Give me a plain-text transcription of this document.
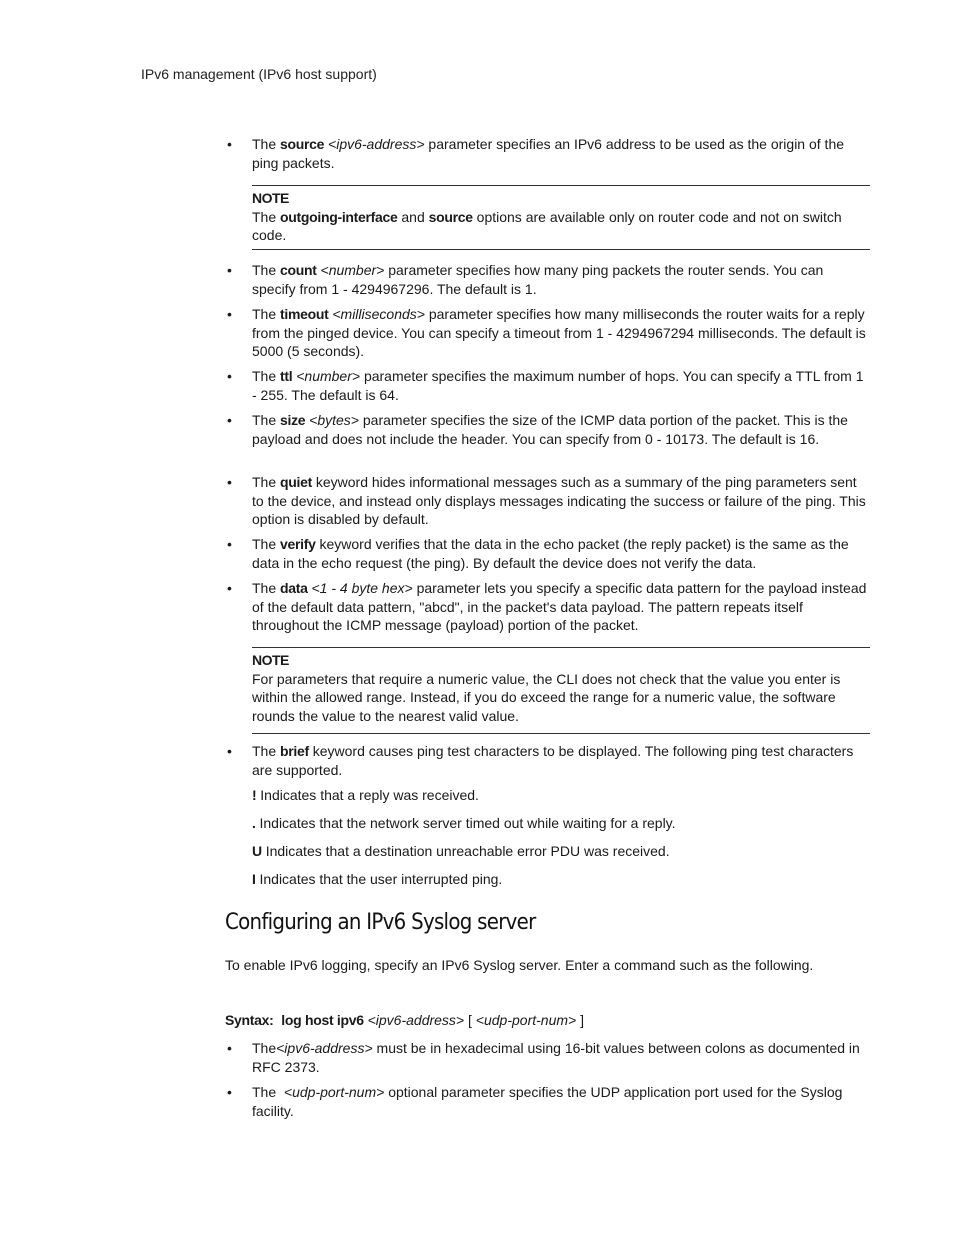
IPv6 management (IPv6 host support)
• The source <ipv6-address> parameter specifies an IPv6 address to be used as the origin of the ping packets.
NOTE
The outgoing-interface and source options are available only on router code and not on switch code.
• The count <number> parameter specifies how many ping packets the router sends. You can specify from 1 - 4294967296. The default is 1.
• The timeout <milliseconds> parameter specifies how many milliseconds the router waits for a reply from the pinged device. You can specify a timeout from 1 - 4294967294 milliseconds. The default is 5000 (5 seconds).
• The ttl <number> parameter specifies the maximum number of hops. You can specify a TTL from 1 - 255. The default is 64.
• The size <bytes> parameter specifies the size of the ICMP data portion of the packet. This is the payload and does not include the header. You can specify from 0 - 10173. The default is 16.
• The quiet keyword hides informational messages such as a summary of the ping parameters sent to the device, and instead only displays messages indicating the success or failure of the ping. This option is disabled by default.
• The verify keyword verifies that the data in the echo packet (the reply packet) is the same as the data in the echo request (the ping). By default the device does not verify the data.
• The data <1 - 4 byte hex> parameter lets you specify a specific data pattern for the payload instead of the default data pattern, "abcd", in the packet's data payload. The pattern repeats itself throughout the ICMP message (payload) portion of the packet.
NOTE
For parameters that require a numeric value, the CLI does not check that the value you enter is within the allowed range. Instead, if you do exceed the range for a numeric value, the software rounds the value to the nearest valid value.
• The brief keyword causes ping test characters to be displayed. The following ping test characters are supported.
! Indicates that a reply was received.
. Indicates that the network server timed out while waiting for a reply.
U Indicates that a destination unreachable error PDU was received.
I Indicates that the user interrupted ping.
Configuring an IPv6 Syslog server
To enable IPv6 logging, specify an IPv6 Syslog server. Enter a command such as the following.
Syntax: log host ipv6 <ipv6-address> [ <udp-port-num> ]
• The<ipv6-address> must be in hexadecimal using 16-bit values between colons as documented in RFC 2373.
• The  <udp-port-num> optional parameter specifies the UDP application port used for the Syslog facility.
